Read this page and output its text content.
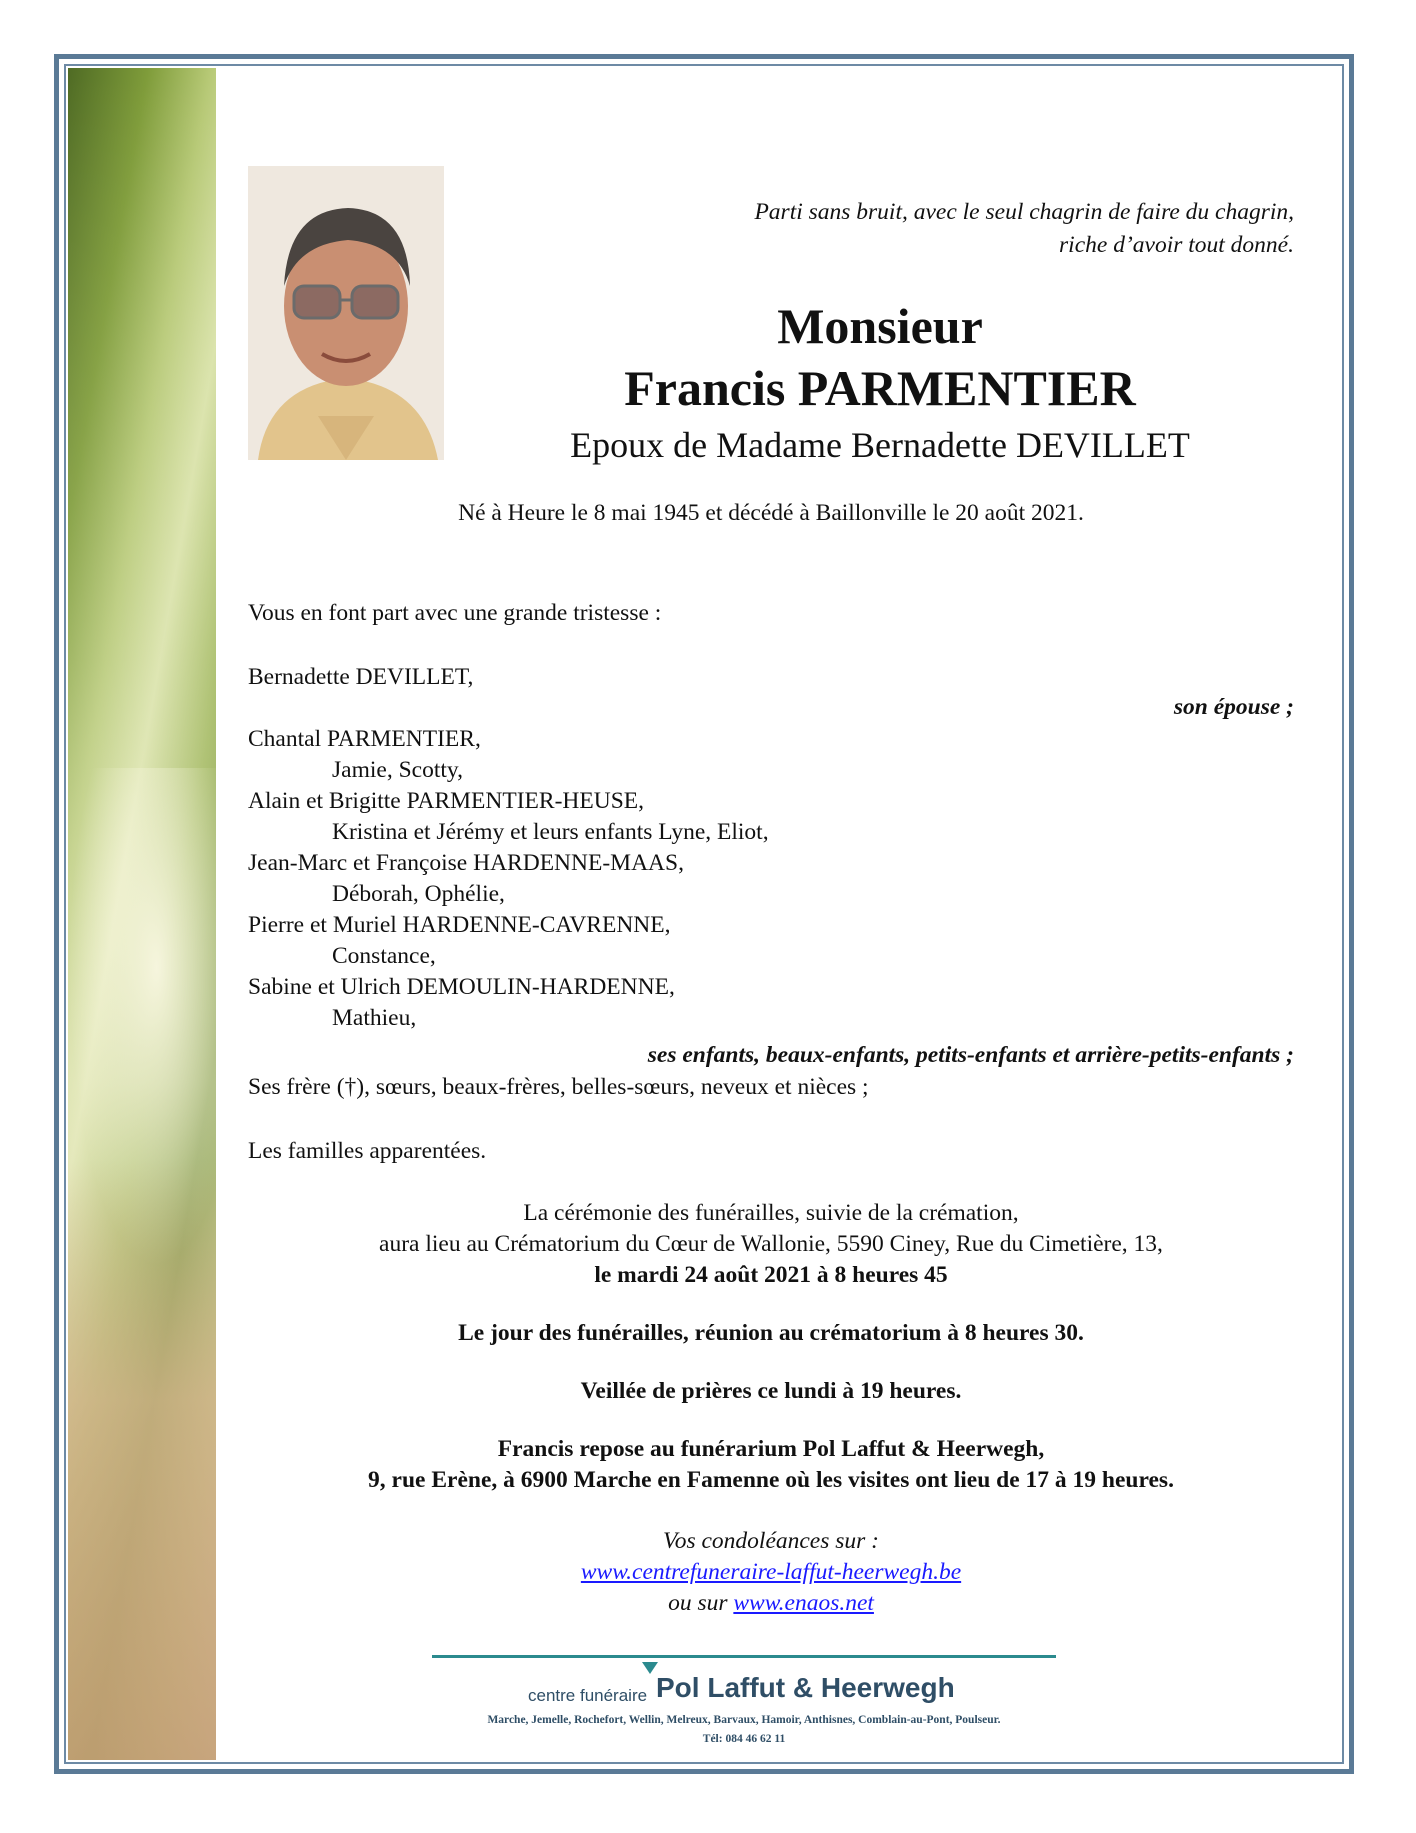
Parti sans bruit, avec le seul chagrin de faire du chagrin,
riche d’avoir tout donné.
Monsieur
Francis PARMENTIER
Epoux de Madame Bernadette DEVILLET
Né à Heure le 8 mai 1945 et décédé à Baillonville le 20 août 2021.
Vous en font part avec une grande tristesse :
Bernadette DEVILLET,
son épouse ;
Chantal PARMENTIER,
Jamie, Scotty,
Alain et Brigitte PARMENTIER-HEUSE,
Kristina et Jérémy et leurs enfants Lyne, Eliot,
Jean-Marc et Françoise HARDENNE-MAAS,
Déborah, Ophélie,
Pierre et Muriel HARDENNE-CAVRENNE,
Constance,
Sabine et Ulrich DEMOULIN-HARDENNE,
Mathieu,
ses enfants, beaux-enfants, petits-enfants et arrière-petits-enfants ;
Ses frère (†), sœurs, beaux-frères, belles-sœurs, neveux et nièces ;
Les familles apparentées.
La cérémonie des funérailles, suivie de la crémation,
aura lieu au Crématorium du Cœur de Wallonie, 5590 Ciney, Rue du Cimetière, 13,
le mardi 24 août 2021 à 8 heures 45
Le jour des funérailles, réunion au crématorium à 8 heures 30.
Veillée de prières ce lundi à 19 heures.
Francis repose au funérarium Pol Laffut & Heerwegh,
9, rue Erène, à 6900 Marche en Famenne où les visites ont lieu de 17 à 19 heures.
Vos condoléances sur :
www.centrefuneraire-laffut-heerwegh.be
ou sur www.enaos.net
centre funéraire Pol Laffut & Heerwegh
Marche, Jemelle, Rochefort, Wellin, Melreux, Barvaux, Hamoir, Anthisnes, Comblain-au-Pont, Poulseur.
Tél: 084 46 62 11
